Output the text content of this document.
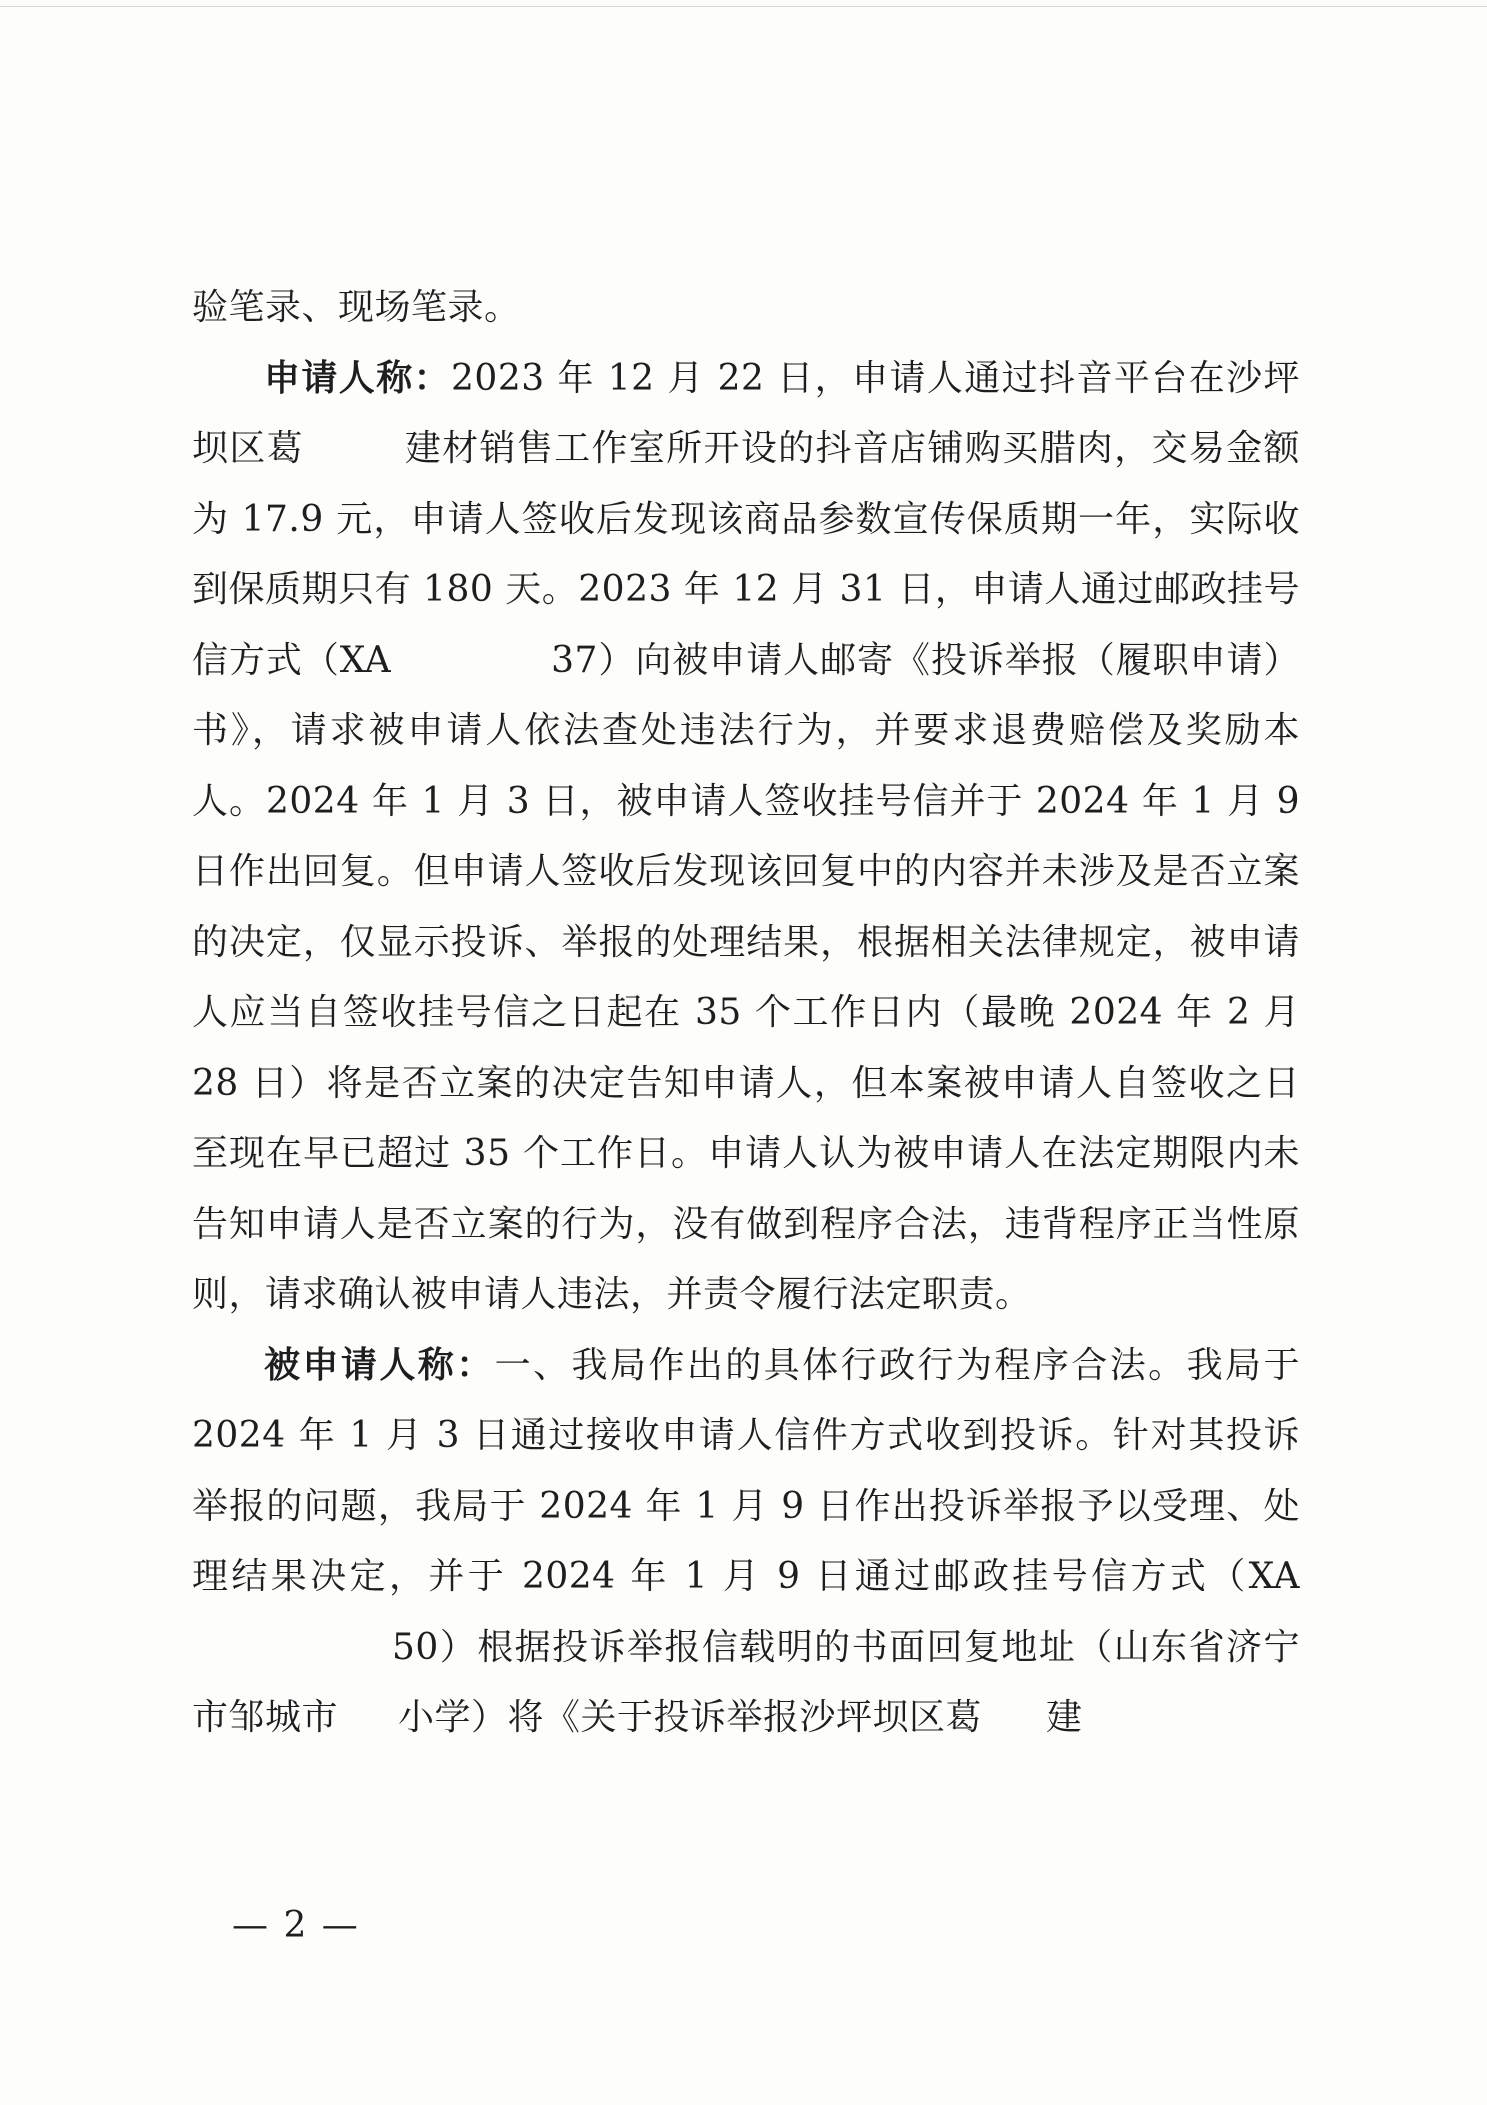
验笔录、现场笔录。

申请人称：2023 年 12 月 22 日，申请人通过抖音平台在沙坪坝区葛	建材销售工作室所开设的抖音店铺购买腊肉，交易金额为 17.9 元，申请人签收后发现该商品参数宣传保质期一年，实际收到保质期只有 180 天。2023 年 12 月 31 日，申请人通过邮政挂号信方式（XA	37）向被申请人邮寄《投诉举报（履职申请）书》，请求被申请人依法查处违法行为，并要求退费赔偿及奖励本人。2024 年 1 月 3 日，被申请人签收挂号信并于 2024 年 1 月 9 日作出回复。但申请人签收后发现该回复中的内容并未涉及是否立案的决定，仅显示投诉、举报的处理结果，根据相关法律规定，被申请人应当自签收挂号信之日起在 35 个工作日内（最晚 2024 年 2 月 28 日）将是否立案的决定告知申请人，但本案被申请人自签收之日至现在早已超过 35 个工作日。申请人认为被申请人在法定期限内未告知申请人是否立案的行为，没有做到程序合法，违背程序正当性原则，请求确认被申请人违法，并责令履行法定职责。

被申请人称：一、我局作出的具体行政行为程序合法。我局于 2024 年 1 月 3 日通过接收申请人信件方式收到投诉。针对其投诉举报的问题，我局于 2024 年 1 月 9 日作出投诉举报予以受理、处理结果决定，并于 2024 年 1 月 9 日通过邮政挂号信方式（XA50）根据投诉举报信载明的书面回复地址（山东省济宁市邹城市 小学）将《关于投诉举报沙坪坝区葛 建

— 2 —
